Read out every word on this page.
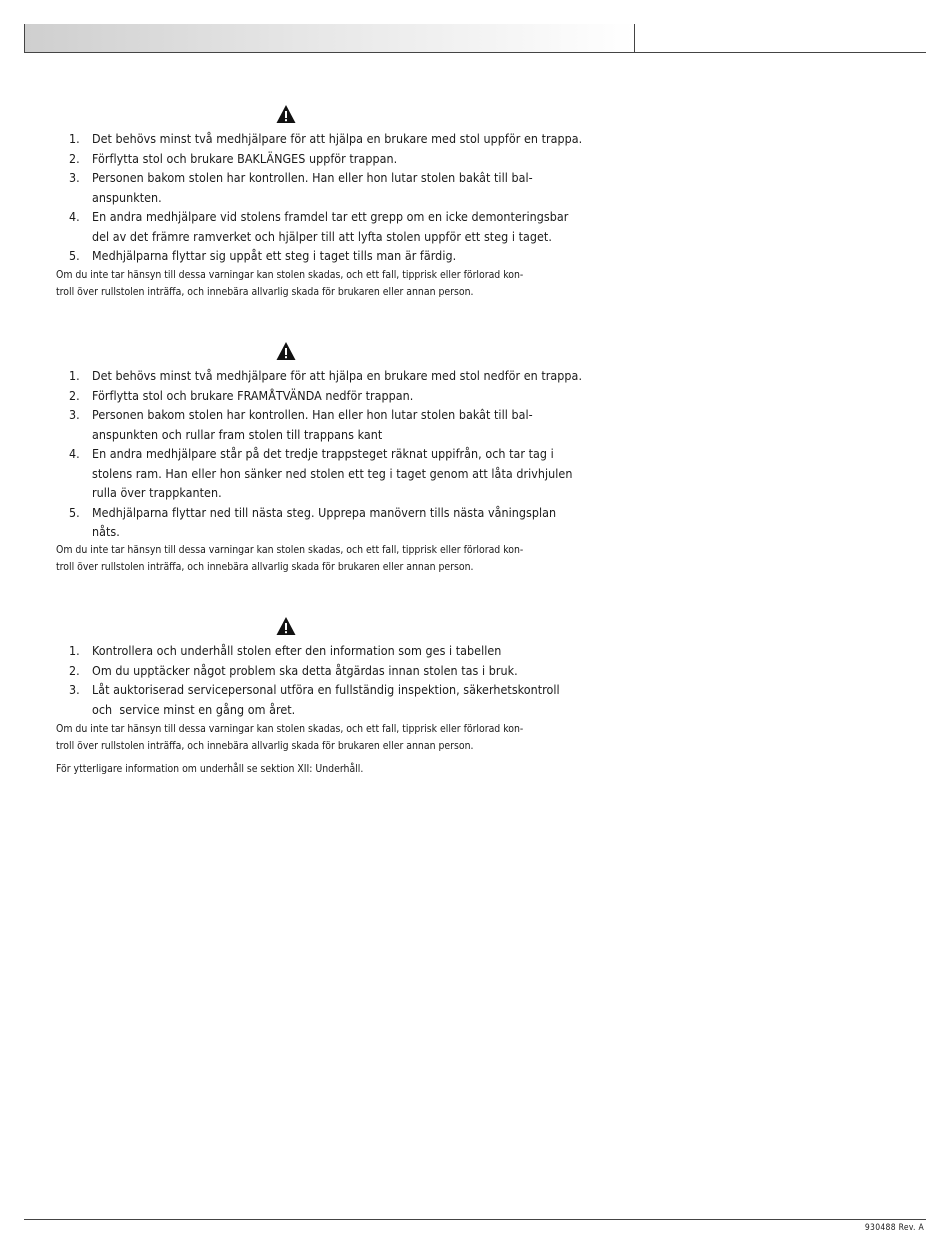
1. Det behövs minst två medhjälpare för att hjälpa en brukare med stol uppför en trappa.
2. Förflytta stol och brukare BAKLÄNGES uppför trappan.
3. Personen bakom stolen har kontrollen. Han eller hon lutar stolen bakât till bal-
anspunkten.
4. En andra medhjälpare vid stolens framdel tar ett grepp om en icke demonteringsbar
del av det främre ramverket och hjälper till att lyfta stolen uppför ett steg i taget.
5. Medhjälparna flyttar sig uppåt ett steg i taget tills man är färdig.

Om du inte tar hänsyn till dessa varningar kan stolen skadas, och ett fall, tipprisk eller förlorad kon-
troll över rullstolen inträffa, och innebära allvarlig skada för brukaren eller annan person.

1. Det behövs minst två medhjälpare för att hjälpa en brukare med stol nedför en trappa.
2. Förflytta stol och brukare FRAMÅTVÄNDA nedför trappan.
3. Personen bakom stolen har kontrollen. Han eller hon lutar stolen bakât till bal-
anspunkten och rullar fram stolen till trappans kant
4. En andra medhjälpare står på det tredje trappsteget räknat uppifrån, och tar tag i
stolens ram. Han eller hon sänker ned stolen ett teg i taget genom att låta drivhjulen
rulla över trappkanten.
5. Medhjälparna flyttar ned till nästa steg. Upprepa manövern tills nästa våningsplan
nåts.

Om du inte tar hänsyn till dessa varningar kan stolen skadas, och ett fall, tipprisk eller förlorad kon-
troll över rullstolen inträffa, och innebära allvarlig skada för brukaren eller annan person.

1. Kontrollera och underhåll stolen efter den information som ges i tabellen
2. Om du upptäcker något problem ska detta åtgärdas innan stolen tas i bruk.
3. Låt auktoriserad servicepersonal utföra en fullständig inspektion, säkerhetskontroll
och  service minst en gång om året.

Om du inte tar hänsyn till dessa varningar kan stolen skadas, och ett fall, tipprisk eller förlorad kon-
troll över rullstolen inträffa, och innebära allvarlig skada för brukaren eller annan person.

För ytterligare information om underhåll se sektion XII: Underhåll.

930488 Rev. A
